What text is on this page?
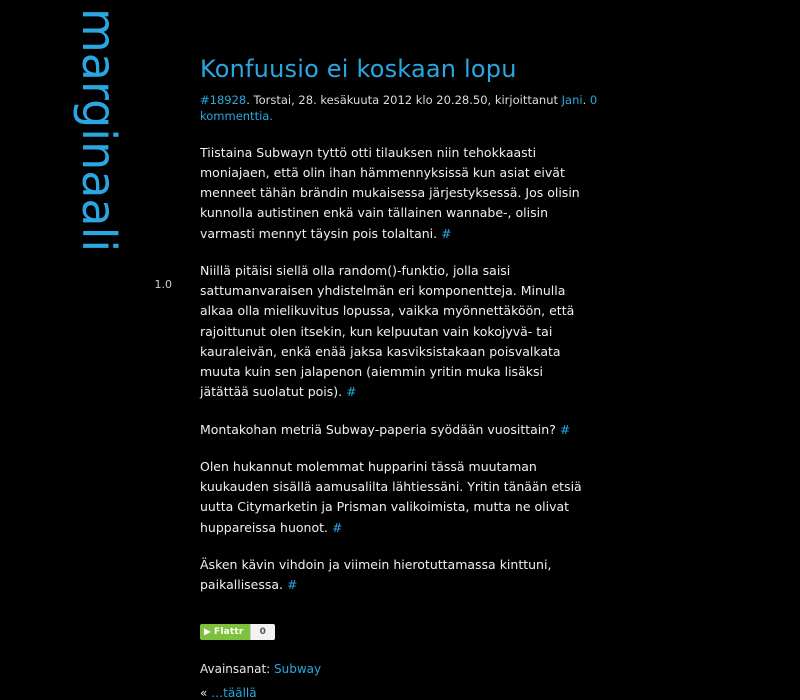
marginaali
1.0
Konfuusio ei koskaan lopu
#18928. Torstai, 28. kesäkuuta 2012 klo 20.28.50, kirjoittanut Jani. 0 kommenttia.

Tiistaina Subwayn tyttö otti tilauksen niin tehokkaasti moniajaen, että olin ihan hämmennyksissä kun asiat eivät menneet tähän brändin mukaisessa järjestyksessä. Jos olisin kunnolla autistinen enkä vain tällainen wannabe-, olisin varmasti mennyt täysin pois tolaltani. #

Niillä pitäisi siellä olla random()-funktio, jolla saisi sattumanvaraisen yhdistelmän eri komponentteja. Minulla alkaa olla mielikuvitus lopussa, vaikka myönnettäköön, että rajoittunut olen itsekin, kun kelpuutan vain kokojyvä- tai kauraleivän, enkä enää jaksa kasviksistakaan poisvalkata muuta kuin sen jalapenon (aiemmin yritin muka lisäksi jätättää suolatut pois). #

Montakohan metriä Subway-paperia syödään vuosittain? #

Olen hukannut molemmat hupparini tässä muutaman kuukauden sisällä aamusalilta lähtiessäni. Yritin tänään etsiä uutta Citymarketin ja Prisman valikoimista, mutta ne olivat huppareissa huonot. #

Äsken kävin vihdoin ja viimein hierotuttamassa kinttuni, paikallisessa. #

Flattr	0
Avainsanat: Subway
« …täällä
